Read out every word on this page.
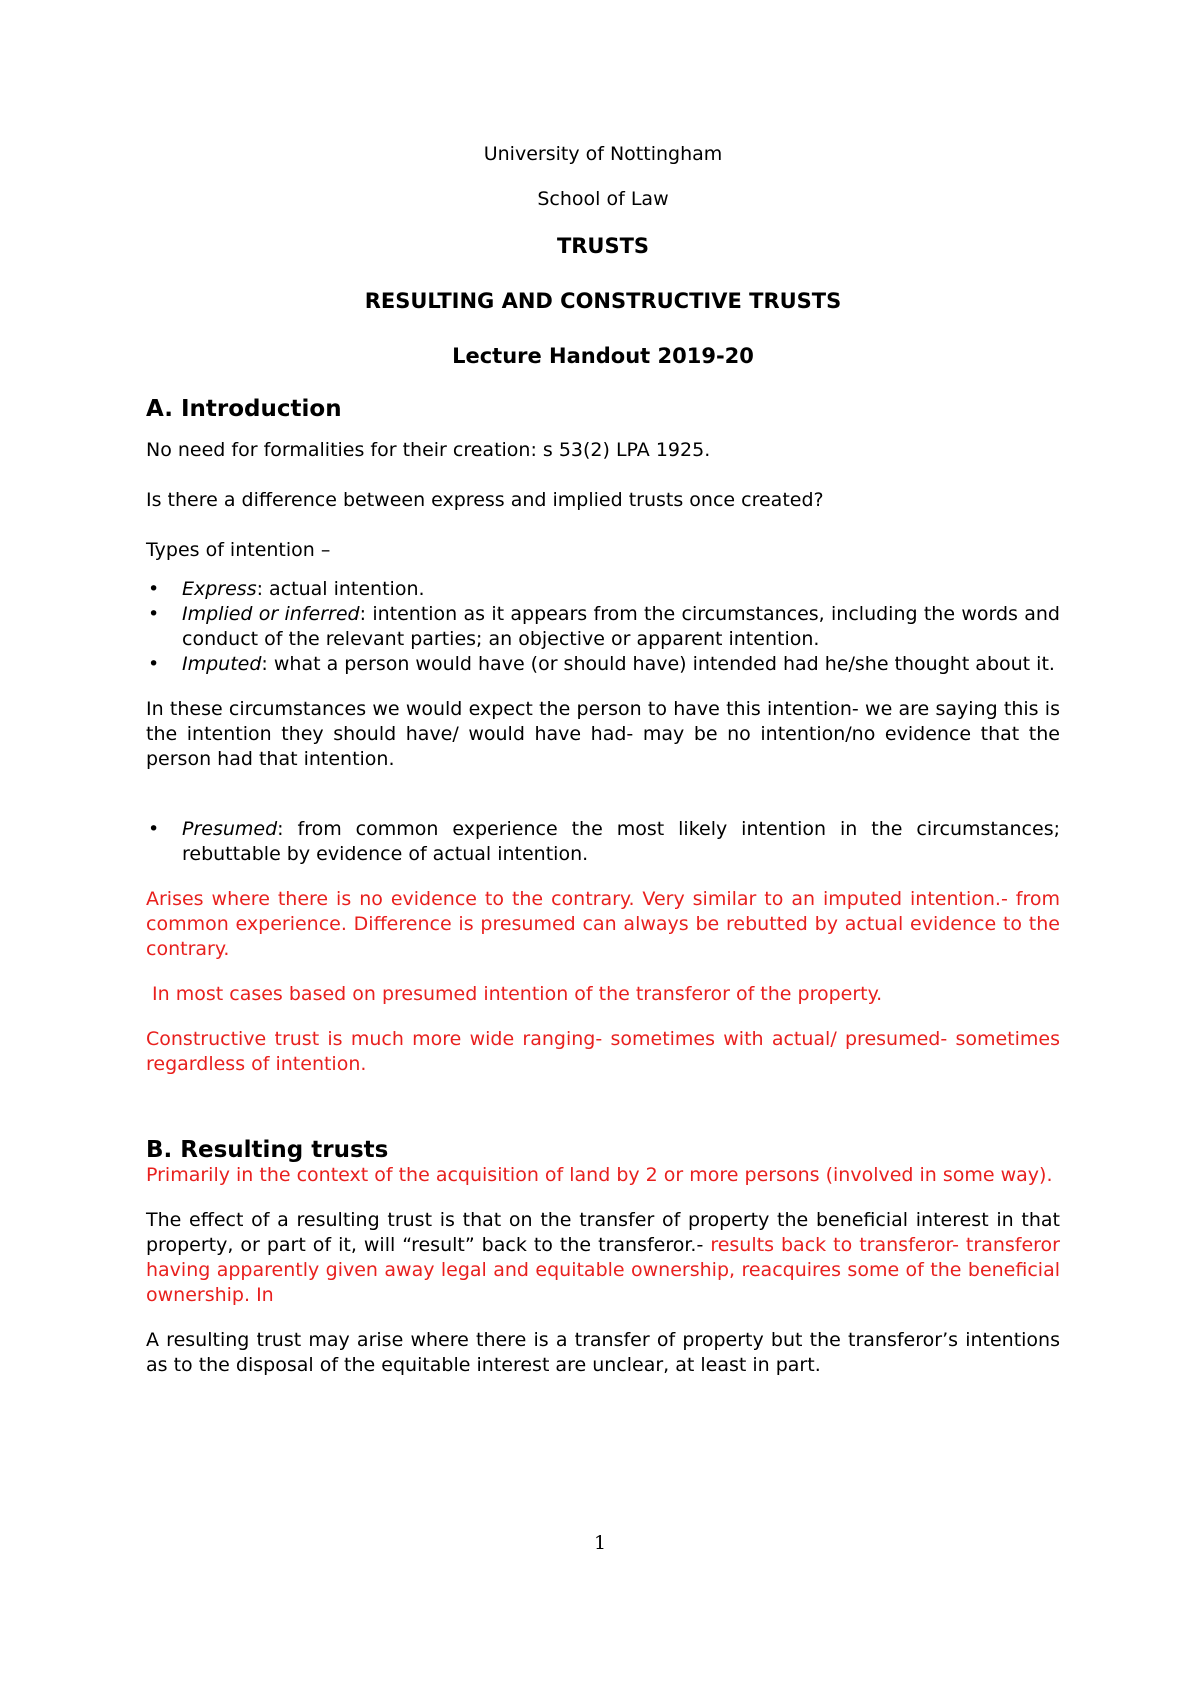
University of Nottingham

School of Law

TRUSTS

RESULTING AND CONSTRUCTIVE TRUSTS

Lecture Handout 2019-20

A. Introduction

No need for formalities for their creation: s 53(2) LPA 1925.

Is there a difference between express and implied trusts once created?

Types of intention –

• Express: actual intention.
• Implied or inferred: intention as it appears from the circumstances, including the words and conduct of the relevant parties; an objective or apparent intention.
• Imputed: what a person would have (or should have) intended had he/she thought about it.

In these circumstances we would expect the person to have this intention- we are saying this is the intention they should have/ would have had- may be no intention/no evidence that the person had that intention.

• Presumed: from common experience the most likely intention in the circumstances; rebuttable by evidence of actual intention.

Arises where there is no evidence to the contrary. Very similar to an imputed intention.- from common experience. Difference is presumed can always be rebutted by actual evidence to the contrary.

In most cases based on presumed intention of the transferor of the property.

Constructive trust is much more wide ranging- sometimes with actual/ presumed- sometimes regardless of intention.

B. Resulting trusts

Primarily in the context of the acquisition of land by 2 or more persons (involved in some way).

The effect of a resulting trust is that on the transfer of property the beneficial interest in that property, or part of it, will “result” back to the transferor.- results back to transferor- transferor having apparently given away legal and equitable ownership, reacquires some of the beneficial ownership. In

A resulting trust may arise where there is a transfer of property but the transferor’s intentions as to the disposal of the equitable interest are unclear, at least in part.

1
